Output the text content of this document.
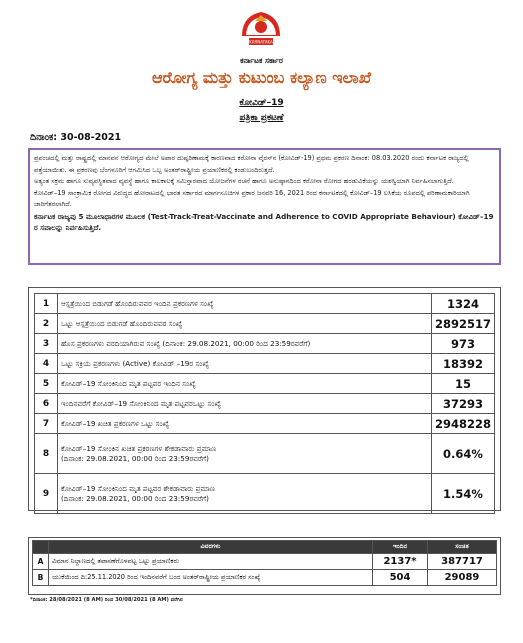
KARNATAKA
ಕರ್ನಾಟಕ ಸರ್ಕಾರ
ಆರೋಗ್ಯ ಮತ್ತು ಕುಟುಂಬ ಕಲ್ಯಾಣ ಇಲಾಖೆ
ಕೋವಿಡ್–19
ಪತ್ರಿಕಾ ಪ್ರಕಟಣೆ
ದಿನಾಂಕ: 30-08-2021

ಪ್ರಪಂಚದಲ್ಲಿ ಮತ್ತು ರಾಷ್ಟ್ರದಲ್ಲಿ ಮಾನವನ ಆರೋಗ್ಯದ ಮೇಲೆ ಅಪಾರ ದುಷ್ಪರಿಣಾಮಕ್ಕೆ ಕಾರಣವಾದ ಕರೋನಾ ವೈರಸ್‌ನ (ಕೋವಿಡ್-19) ಪ್ರಥಮ ಪ್ರಕರಣ ದಿನಾಂಕ: 08.03.2020 ರಂದು ಕರ್ನಾಟಕ ರಾಜ್ಯದಲ್ಲಿ ಪತ್ತೆಯಾಯಿತು. ಈ ಪ್ರಕರಣವು ಬೆಂಗಳೂರಿಗೆ ಆಗಮಿಸಿದ ಒಬ್ಬ ಅಂತರ್‌ರಾಷ್ಟ್ರೀಯ ಪ್ರಯಾಣಿಕರಲ್ಲಿ ಕಂಡುಬಂದಿರುತ್ತದೆ.

ಅತ್ಯಂತ ಸಕ್ರಮ ಹಾಗೂ ಸುವ್ಯವಸ್ಥಿತವಾದ ವ್ಯವಸ್ಥೆ ಹಾಗೂ ಕಾಲಕಾಲಕ್ಕೆ ಸಮಿಸ್ತಾರವಾದ ಯೋಜನೆಗಳ ರಚನೆ ಹಾಗೂ ಅನುಷ್ಠಾನದಿಂದ ಕರೋನಾ ರೋಗದ ಹರಡುವಿಕೆಯನ್ನು ಯಶಸ್ವಿಯಾಗಿ ನಿರ್ವಹಿಸಲಾಗುತ್ತಿದೆ.

ಕೋವಿಡ್–19 ಸಾಂಕ್ರಾಮಿಕ ರೋಗದ ವಿರುದ್ಧದ ಹೋರಾಟದಲ್ಲಿ ಭಾರತ ಸರ್ಕಾರದ ಮಾರ್ಗಸೂಚಿಗಳ ಪ್ರಕಾರ ಜನವರಿ 16, 2021 ರಿಂದ ಕರ್ನಾಟಕದಲ್ಲಿ ಕೋವಿಡ್–19 ಲಸಿಕೆಯ ರೂಪದಲ್ಲಿ ಪರಿಣಾಮಕಾರಿಯಾಗಿ ಜಾರಿಗೆತರಲಾಗಿದೆ.

ಕರ್ನಾಟಕ ರಾಜ್ಯವು 5 ಮೂಲಾಧಾರಗಳ ಮೂಲಕ (Test-Track-Treat-Vaccinate and Adherence to COVID Appropriate Behaviour) ಕೋವಿಡ್–19 ರ ಸವಾಲನ್ನು ನಿರ್ವಹಿಸುತ್ತಿದೆ.

1	ಆಸ್ಪತ್ರೆಯಿಂದ ಬಿಡುಗಡೆ ಹೊಂದಿರುವವರ ಇಂದಿನ ಪ್ರಕರಣಗಳ ಸಂಖ್ಯೆ	1324
2	ಒಟ್ಟು ಆಸ್ಪತ್ರೆಯಿಂದ ಬಿಡುಗಡೆ ಹೊಂದಿರುವವರ ಸಂಖ್ಯೆ	2892517
3	ಹೊಸ ಪ್ರಕರಣಗಳು ವರದಿಯಾಗಿರುವ ಸಂಖ್ಯೆ (ದಿನಾಂಕ: 29.08.2021, 00:00 ರಿಂದ 23:59ರವರೆಗೆ)	973
4	ಒಟ್ಟು ಸಕ್ರಿಯ ಪ್ರಕರಣಗಳು (Active) ಕೋವಿಡ್ –19ರ ಸಂಖ್ಯೆ	18392
5	ಕೋವಿಡ್–19 ಸೋಂಕಿನಿಂದ ಮೃತ ಪಟ್ಟವರ ಇಂದಿನ ಸಂಖ್ಯೆ	15
6	ಇಂದಿನವರೆಗೆ ಕೋವಿಡ್–19 ಸೋಂಕಿನಿಂದ ಮೃತ ಪಟ್ಟವರಒಟ್ಟು ಸಂಖ್ಯೆ	37293
7	ಕೋವಿಡ್–19 ಖಚಿತ ಪ್ರಕರಣಗಳ ಒಟ್ಟು ಸಂಖ್ಯೆ	2948228
8	ಕೋವಿಡ್–19 ಸೋಂಕಿನ ಖಚಿತ ಪ್ರಕರಣಗಳ ಶೇಕಡಾವಾರು ಪ್ರಮಾಣ
(ದಿನಾಂಕ: 29.08.2021, 00:00 ರಿಂದ 23:59ರವರೆಗೆ)	0.64%
9	ಕೋವಿಡ್–19 ಸೋಂಕಿನಿಂದ ಮೃತ ಪಟ್ಟವರ ಶೇಕಡಾವಾರು ಪ್ರಮಾಣ
(ದಿನಾಂಕ: 29.08.2021, 00:00 ರಿಂದ 23:59ರವರೆಗೆ)	1.54%
	ವಿವರಗಳು	ಇಂದಿನ	ಸಂಚಿತ
A	ವಿಮಾನ ನಿಲ್ದಾಣದಲ್ಲಿ ತಪಾಸಣೆಗೊಳಪಟ್ಟ ಒಟ್ಟು ಪ್ರಯಾಣಿಕರು	2137*	387717
B	ಯುಕೆಯಿಂದ ದಿ:25.11.2020 ರಿಂದ ಇಂದಿನವರೆಗೆ ಬಂದ ಅಂತರ್‌ರಾಷ್ಟ್ರೀಯ ಪ್ರಯಾಣಿಕರ ಸಂಖ್ಯೆ	504	29089
*ದಿನಾಂಕ: 28/08/2021 (8 AM) ರಿಂದ 30/08/2021 (8 AM) ವರೆಗಿನ
